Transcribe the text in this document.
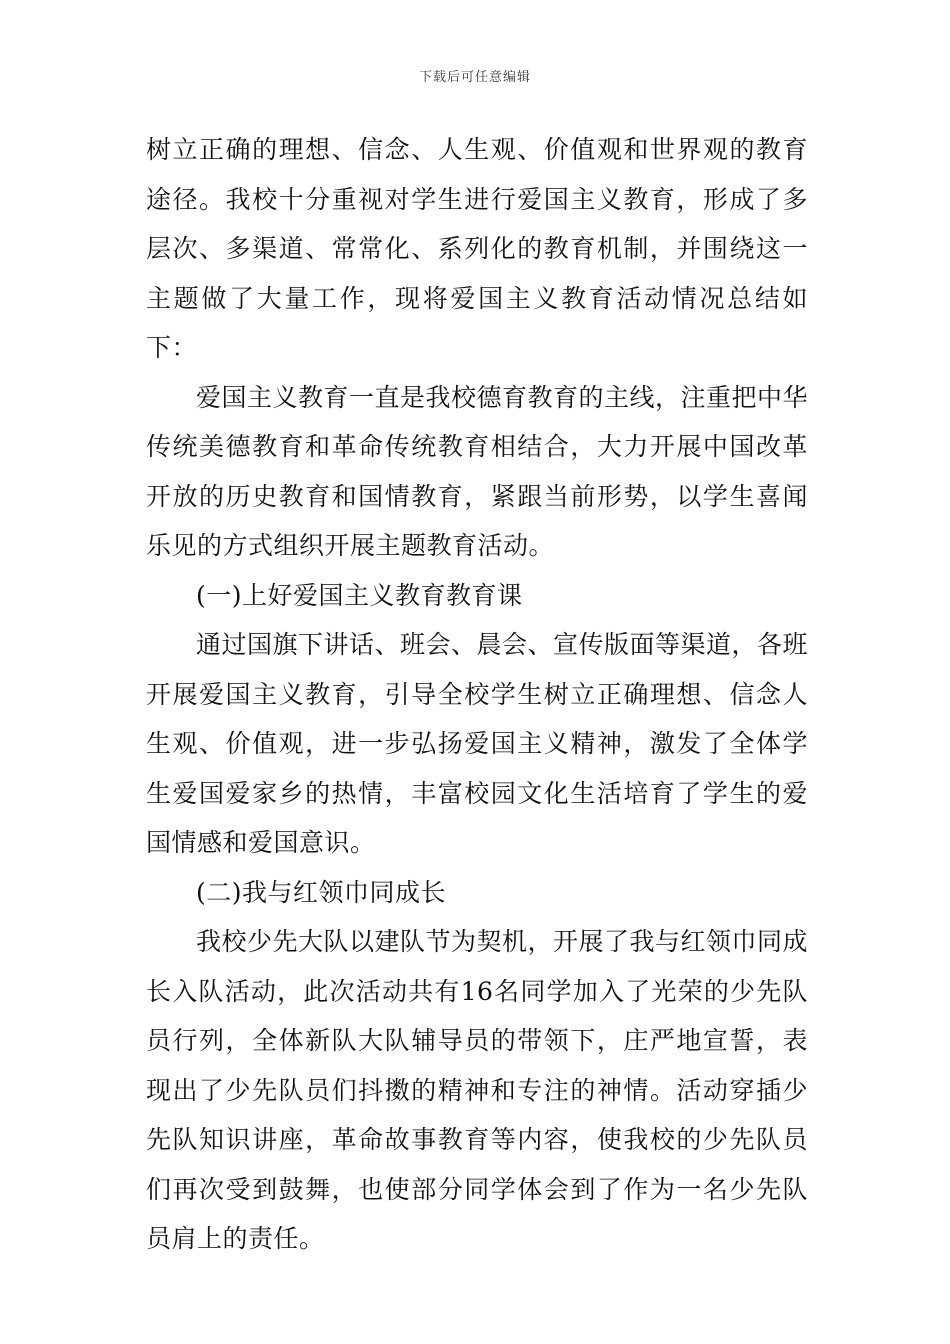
下载后可任意编辑

树立正确的理想、信念、人生观、价值观和世界观的教育途径。我校十分重视对学生进行爱国主义教育，形成了多层次、多渠道、常常化、系列化的教育机制，并围绕这一主题做了大量工作，现将爱国主义教育活动情况总结如下：

爱国主义教育一直是我校德育教育的主线，注重把中华传统美德教育和革命传统教育相结合，大力开展中国改革开放的历史教育和国情教育，紧跟当前形势，以学生喜闻乐见的方式组织开展主题教育活动。

(一)上好爱国主义教育教育课

通过国旗下讲话、班会、晨会、宣传版面等渠道，各班开展爱国主义教育，引导全校学生树立正确理想、信念人生观、价值观，进一步弘扬爱国主义精神，激发了全体学生爱国爱家乡的热情，丰富校园文化生活培育了学生的爱国情感和爱国意识。

(二)我与红领巾同成长

我校少先大队以建队节为契机，开展了我与红领巾同成长入队活动，此次活动共有16名同学加入了光荣的少先队员行列，全体新队大队辅导员的带领下，庄严地宣誓，表现出了少先队员们抖擞的精神和专注的神情。活动穿插少先队知识讲座，革命故事教育等内容，使我校的少先队员们再次受到鼓舞，也使部分同学体会到了作为一名少先队员肩上的责任。
